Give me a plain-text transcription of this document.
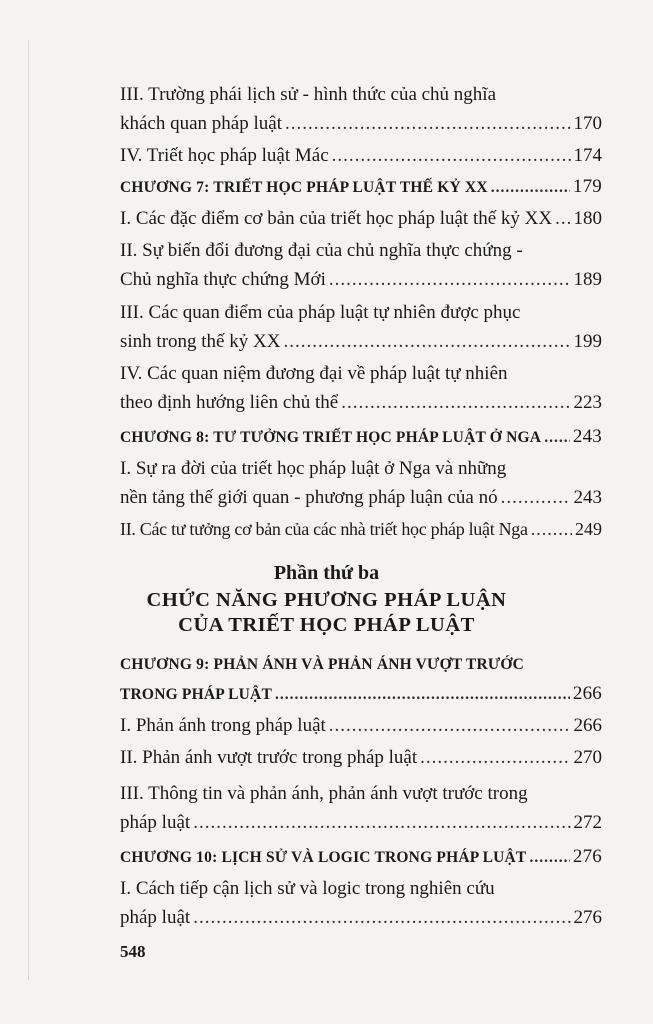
III. Trường phái lịch sử - hình thức của chủ nghĩa
khách quan pháp luật .....	170
IV. Triết học pháp luật Mác .....	174
CHƯƠNG 7: TRIẾT HỌC PHÁP LUẬT THẾ KỶ XX .....	179
I. Các đặc điểm cơ bản của triết học pháp luật thế kỷ XX ..... 180
II. Sự biến đổi đương đại của chủ nghĩa thực chứng -
Chủ nghĩa thực chứng Mới .....	189
III. Các quan điểm của pháp luật tự nhiên được phục
sinh trong thế kỷ XX .....	199
IV. Các quan niệm đương đại về pháp luật tự nhiên
theo định hướng liên chủ thể .....	223
CHƯƠNG 8: TƯ TƯỞNG TRIẾT HỌC PHÁP LUẬT Ở NGA ..... 243
I. Sự ra đời của triết học pháp luật ở Nga và những
nền tảng thế giới quan - phương pháp luận của nó .....	243
II. Các tư tưởng cơ bản của các nhà triết học pháp luật Nga .....	249
Phần thứ ba
CHỨC NĂNG PHƯƠNG PHÁP LUẬN
CỦA TRIẾT HỌC PHÁP LUẬT
CHƯƠNG 9: PHẢN ÁNH VÀ PHẢN ÁNH VƯỢT TRƯỚC
TRONG PHÁP LUẬT .....	266
I. Phản ánh trong pháp luật .....	266
II. Phản ánh vượt trước trong pháp luật .....	270
III. Thông tin và phản ánh, phản ánh vượt trước trong
pháp luật .....	272
CHƯƠNG 10: LỊCH SỬ VÀ LOGIC TRONG PHÁP LUẬT ..... 276
I. Cách tiếp cận lịch sử và logic trong nghiên cứu
pháp luật .....	276
548
